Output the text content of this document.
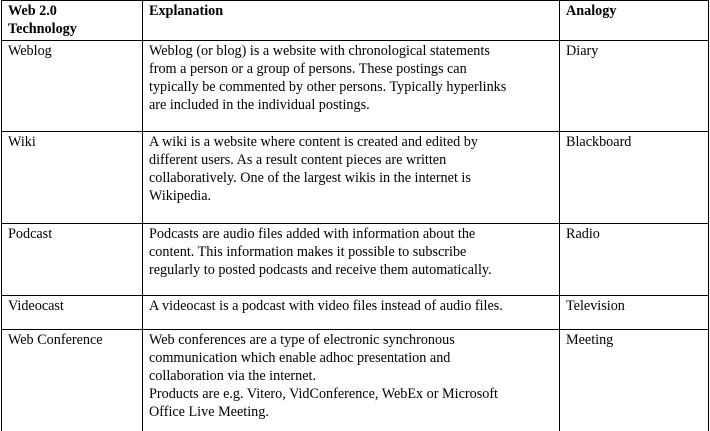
Web 2.0
Technology	Explanation	Analogy
Weblog	Weblog (or blog) is a website with chronological statements
from a person or a group of persons. These postings can
typically be commented by other persons. Typically hyperlinks
are included in the individual postings.	Diary
Wiki	A wiki is a website where content is created and edited by
different users. As a result content pieces are written
collaboratively. One of the largest wikis in the internet is
Wikipedia.	Blackboard
Podcast	Podcasts are audio files added with information about the
content. This information makes it possible to subscribe
regularly to posted podcasts and receive them automatically.	Radio
Videocast	A videocast is a podcast with video files instead of audio files.	Television
Web Conference	Web conferences are a type of electronic synchronous
communication which enable adhoc presentation and
collaboration via the internet.
Products are e.g. Vitero, VidConference, WebEx or Microsoft
Office Live Meeting.	Meeting
